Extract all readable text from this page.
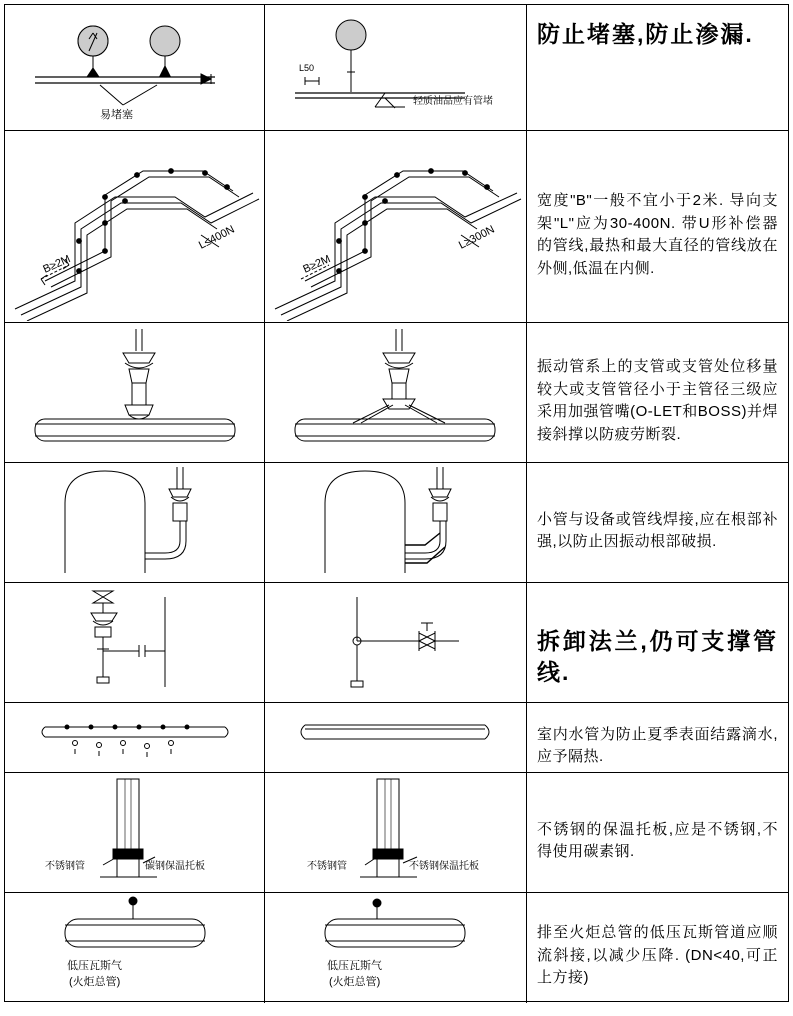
易堵塞
L50
轻质油品应有管堵
防止堵塞,防止渗漏.
B≥2M
L≤400N
B≥2M
L≥300N
宽度"B"一般不宜小于2米. 导向支架"L"应为30-400N. 带U形补偿器的管线,最热和最大直径的管线放在外侧,低温在内侧.
振动管系上的支管或支管处位移量较大或支管管径小于主管径三级应采用加强管嘴(O-LET和BOSS)并焊接斜撑以防疲劳断裂.
小管与设备或管线焊接,应在根部补强,以防止因振动根部破损.
拆卸法兰,仍可支撑管线.
室内水管为防止夏季表面结露滴水,应予隔热.
不锈钢管	碳钢保温托板	不锈钢管	不锈钢保温托板
不锈钢的保温托板,应是不锈钢,不得使用碳素钢.
低压瓦斯气
(火炬总管)
低压瓦斯气
(火炬总管)
排至火炬总管的低压瓦斯管道应顺流斜接,以减少压降. (DN<40,可正上方接)
